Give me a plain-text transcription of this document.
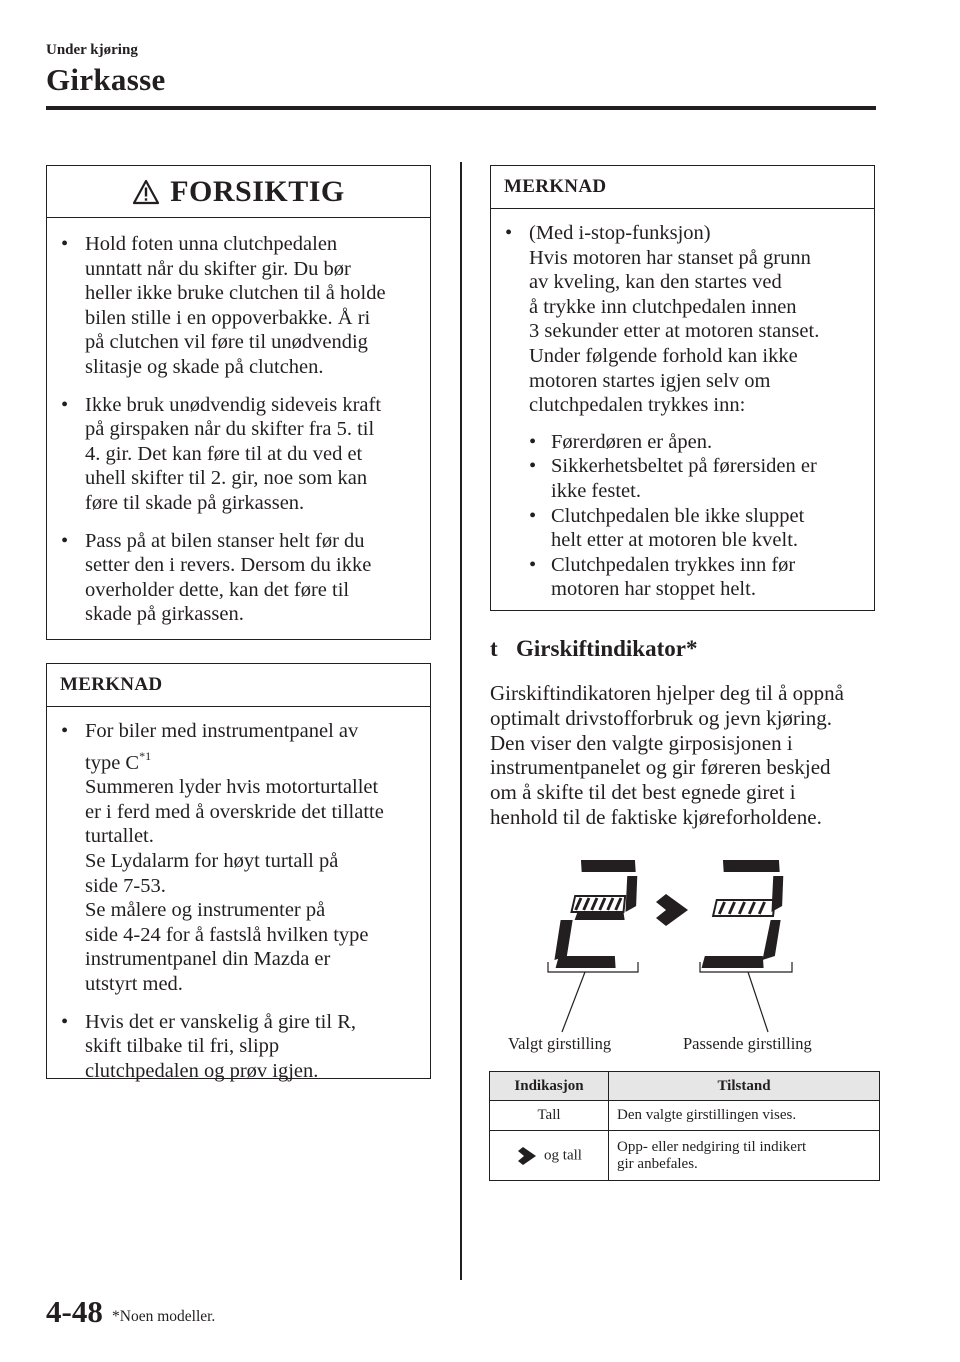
Under kjøring
Girkasse
FORSIKTIG
• Hold foten unna clutchpedalen
unntatt når du skifter gir. Du bør
heller ikke bruke clutchen til å holde
bilen stille i en oppoverbakke. Å ri
på clutchen vil føre til unødvendig
slitasje og skade på clutchen.
• Ikke bruk unødvendig sideveis kraft
på girspaken når du skifter fra 5. til
4. gir. Det kan føre til at du ved et
uhell skifter til 2. gir, noe som kan
føre til skade på girkassen.
• Pass på at bilen stanser helt før du
setter den i revers. Dersom du ikke
overholder dette, kan det føre til
skade på girkassen.
MERKNAD
• For biler med instrumentpanel av
type $C^{*1}$
Summeren lyder hvis motorturtallet
er i ferd med å overskride det tillatte
turtallet.
Se Lydalarm for høyt turtall på
side 7-53.
Se målere og instrumenter på
side 4-24 for å fastslå hvilken type
instrumentpanel din Mazda er
utstyrt med.
• Hvis det er vanskelig å gire til R,
skift tilbake til fri, slipp
clutchpedalen og prøv igjen.
MERKNAD
• (Med i-stop-funksjon)
Hvis motoren har stanset på grunn
av kveling, kan den startes ved
å trykke inn clutchpedalen innen
3 sekunder etter at motoren stanset.
Under følgende forhold kan ikke
motoren startes igjen selv om
clutchpedalen trykkes inn:
• Førerdøren er åpen.
• Sikkerhetsbeltet på førersiden er
ikke festet.
• Clutchpedalen ble ikke sluppet
helt etter at motoren ble kvelt.
• Clutchpedalen trykkes inn før
motoren har stoppet helt.
t Girskiftindikator*
Girskiftindikatoren hjelper deg til å oppnå
optimalt drivstofforbruk og jevn kjøring.
Den viser den valgte girposisjonen i
instrumentpanelet og gir føreren beskjed
om å skifte til det best egnede giret i
henhold til de faktiske kjøreforholdene.
Valgt girstilling	Passende girstilling
Indikasjon	Tilstand
Tall	Den valgte girstillingen vises.
og tall	Opp- eller nedgiring til indikert
gir anbefales.
4-48 *Noen modeller.
